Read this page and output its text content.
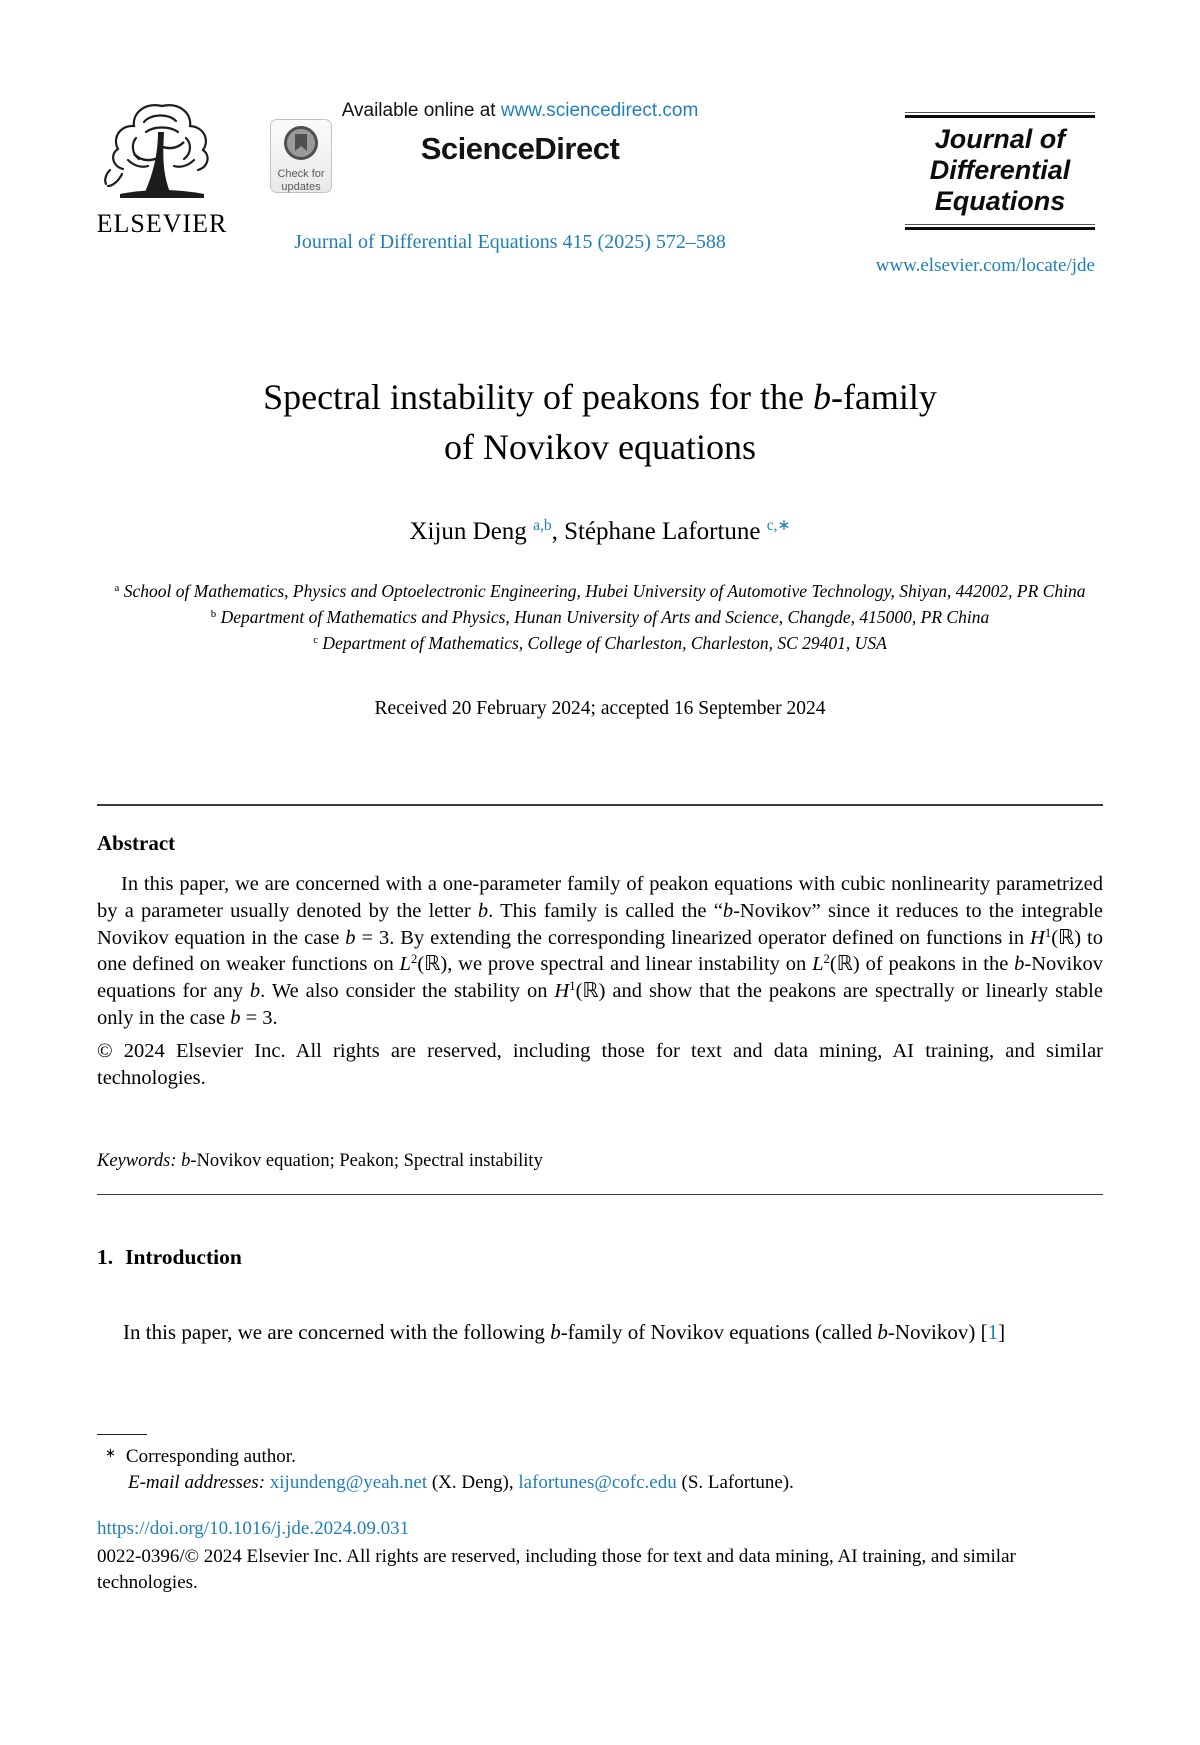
ELSEVIER
Check for
updates
Available online at www.sciencedirect.com
ScienceDirect
Journal of Differential Equations 415 (2025) 572–588
Journal of
Differential
Equations
www.elsevier.com/locate/jde
Spectral instability of peakons for the b-family
of Novikov equations
Xijun Deng $^{a,b}$, Stéphane Lafortune $^{c,∗}$
$^a$ School of Mathematics, Physics and Optoelectronic Engineering, Hubei University of Automotive Technology, Shiyan, 442002, PR China
$^b$ Department of Mathematics and Physics, Hunan University of Arts and Science, Changde, 415000, PR China
$^c$ Department of Mathematics, College of Charleston, Charleston, SC 29401, USA
Received 20 February 2024; accepted 16 September 2024
Abstract
In this paper, we are concerned with a one-parameter family of peakon equations with cubic nonlinearity parametrized by a parameter usually denoted by the letter b. This family is called the “b-Novikov” since it reduces to the integrable Novikov equation in the case b = 3. By extending the corresponding linearized operator defined on functions in $H^1(ℝ)$ to one defined on weaker functions on $L^2(ℝ)$, we prove spectral and linear instability on $L^2(ℝ)$ of peakons in the b-Novikov equations for any b. We also consider the stability on $H^1(ℝ)$ and show that the peakons are spectrally or linearly stable only in the case b = 3.
© 2024 Elsevier Inc. All rights are reserved, including those for text and data mining, AI training, and similar technologies.
Keywords: b-Novikov equation; Peakon; Spectral instability
1. Introduction
In this paper, we are concerned with the following b-family of Novikov equations (called b-Novikov) [1]
∗ Corresponding author.
E-mail addresses: xijundeng@yeah.net (X. Deng), lafortunes@cofc.edu (S. Lafortune).
https://doi.org/10.1016/j.jde.2024.09.031
0022-0396/© 2024 Elsevier Inc. All rights are reserved, including those for text and data mining, AI training, and similar technologies.
